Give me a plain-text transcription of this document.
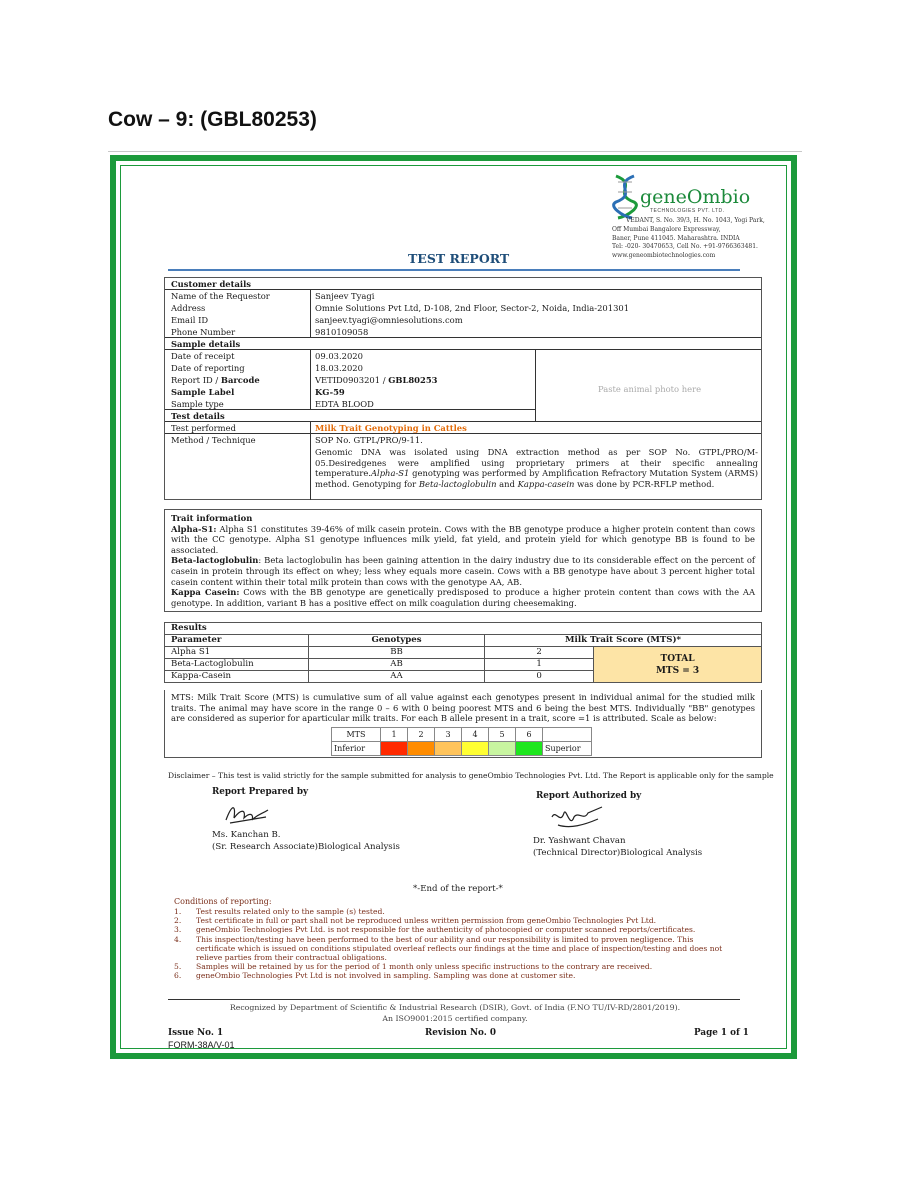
Cow – 9: (GBL80253)
geneOmbio
TECHNOLOGIES PVT. LTD.
VEDANT, S. No. 39/3, H. No. 1043, Yogi Park,
Off Mumbai Bangalore Expressway,
Baner, Pune 411045. Maharashtra. INDIA
Tel: -020- 30470653, Cell No. +91-9766363481.
www.geneombiotechnologies.com
TEST REPORT
Customer details
Name of the Requestor	Sanjeev Tyagi
Address	Omnie Solutions Pvt Ltd, D-108, 2nd Floor, Sector-2, Noida, India-201301
Email ID	sanjeev.tyagi@omniesolutions.com
Phone Number	9810109058
Sample details
Date of receipt	09.03.2020
Date of reporting	18.03.2020
Report ID / Barcode	VETID0903201 / GBL80253
Sample Label	KG-59
Sample type	EDTA BLOOD
Test details
Test performed	Milk Trait Genotyping in Cattles
Method / Technique	SOP No. GTPL/PRO/9-11.
Genomic DNA was isolated using DNA extraction method as per SOP No. GTPL/PRO/M-05.Desiredgenes were amplified using proprietary primers at their specific annealing temperature.Alpha-S1 genotyping was performed by Amplification Refractory Mutation System (ARMS) method. Genotyping for Beta-lactoglobulin and Kappa-casein was done by PCR-RFLP method.
Paste animal photo here

Trait information

Alpha-S1: Alpha S1 constitutes 39-46% of milk casein protein. Cows with the BB genotype produce a higher protein content than cows with the CC genotype. Alpha S1 genotype influences milk yield, fat yield, and protein yield for which genotype BB is found to be associated.

Beta-lactoglobulin: Beta lactoglobulin has been gaining attention in the dairy industry due to its considerable effect on the percent of casein in protein through its effect on whey; less whey equals more casein. Cows with a BB genotype have about 3 percent higher total casein content within their total milk protein than cows with the genotype AA, AB.

Kappa Casein: Cows with the BB genotype are genetically predisposed to produce a higher protein content than cows with the AA genotype. In addition, variant B has a positive effect on milk coagulation during cheesemaking.

Results			
Parameter	Genotypes	Milk Trait Score (MTS)*	
Alpha S1	BB	2	TOTAL
MTS = 3

Beta-Lactoglobulin	AB	1	
Kappa-Casein	AA	0	
MTS: Milk Trait Score (MTS) is cumulative sum of all value against each genotypes present in individual animal for the studied milk traits. The animal may have score in the range 0 – 6 with 0 being poorest MTS and 6 being the best MTS. Individually "BB" genotypes are considered as superior for aparticular milk traits. For each B allele present in a trait, score =1 is attributed. Scale as below:
MTS	1	2	3	4	5	6	
Inferior							Superior
Disclaimer – This test is valid strictly for the sample submitted for analysis to geneOmbio Technologies Pvt. Ltd. The Report is applicable only for the sample
Report Prepared by
Ms. Kanchan B.
(Sr. Research Associate)Biological Analysis
Report Authorized by
Dr. Yashwant Chavan
(Technical Director)Biological Analysis
*-End of the report-*
Conditions of reporting:
1. Test results related only to the sample (s) tested.
2. Test certificate in full or part shall not be reproduced unless written permission from geneOmbio Technologies Pvt Ltd.
3. geneOmbio Technologies Pvt Ltd. is not responsible for the authenticity of photocopied or computer scanned reports/certificates.
4. This inspection/testing have been performed to the best of our ability and our responsibility is limited to proven negligence. This certificate which is issued on conditions stipulated overleaf reflects our findings at the time and place of inspection/testing and does not relieve parties from their contractual obligations.
5. Samples will be retained by us for the period of 1 month only unless specific instructions to the contrary are received.
6. geneOmbio Technologies Pvt Ltd is not involved in sampling. Sampling was done at customer site.
Recognized by Department of Scientific & Industrial Research (DSIR), Govt. of India (F.NO TU/IV-RD/2801/2019).
An ISO9001:2015 certified company.
Issue No. 1
FORM-38A/V-01
Revision No. 0	Page 1 of 1
